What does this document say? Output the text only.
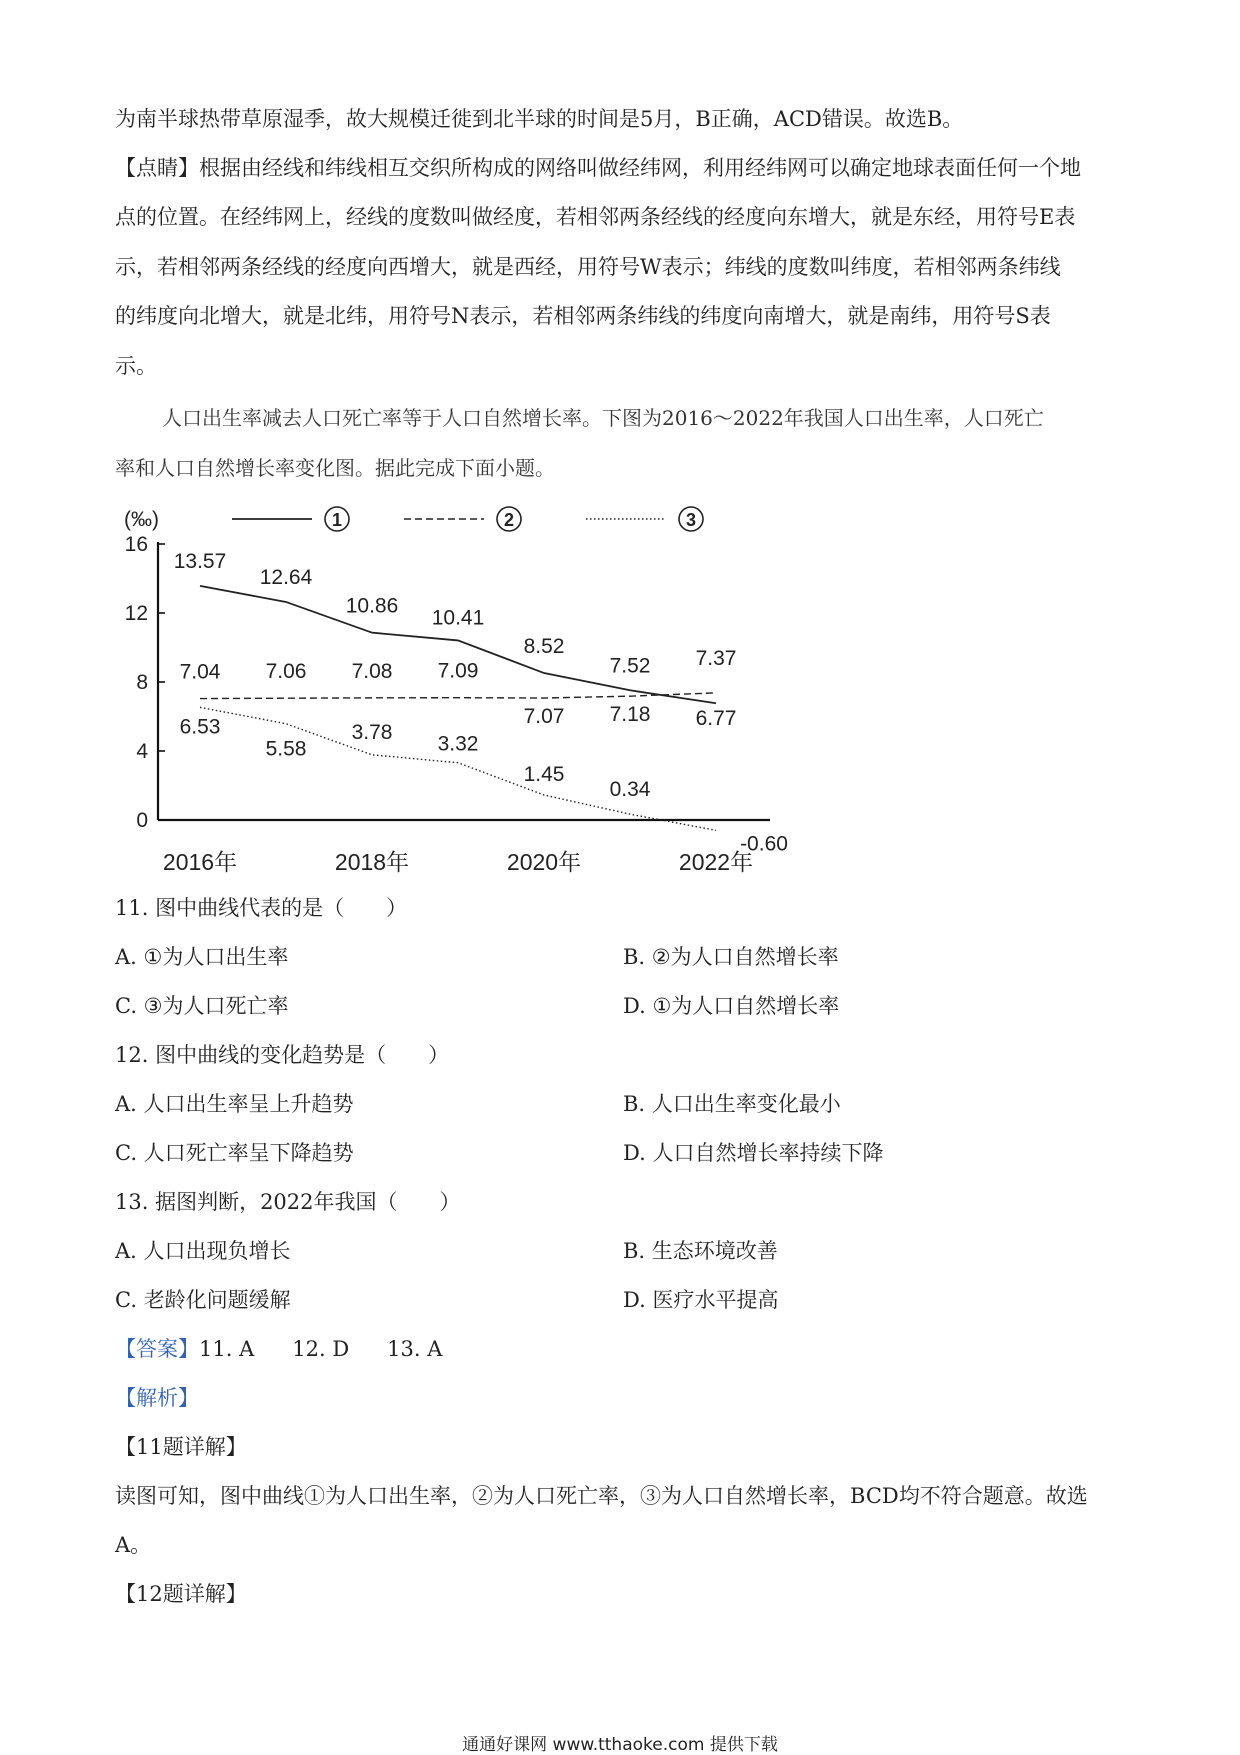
为南半球热带草原湿季，故大规模迁徙到北半球的时间是5月，B正确，ACD错误。故选B。
【点睛】根据由经线和纬线相互交织所构成的网络叫做经纬网，利用经纬网可以确定地球表面任何一个地
点的位置。在经纬网上，经线的度数叫做经度，若相邻两条经线的经度向东增大，就是东经，用符号E表
示，若相邻两条经线的经度向西增大，就是西经，用符号W表示；纬线的度数叫纬度，若相邻两条纬线
的纬度向北增大，就是北纬，用符号N表示，若相邻两条纬线的纬度向南增大，就是南纬，用符号S表
示。
人口出生率减去人口死亡率等于人口自然增长率。下图为2016～2022年我国人口出生率，人口死亡
率和人口自然增长率变化图。据此完成下面小题。
0
4
8
12
16
(‰)
2016年	2018年	2020年	2022年
1	2	3
13.57
12.64
10.86
10.41
8.52
7.52
6.77
7.04 7.06 7.08 7.09
7.07 7.18
7.37
6.53
5.58
3.78
3.32
1.45
0.34
-0.60
11. 图中曲线代表的是（　　）
A. ①为人口出生率	B. ②为人口自然增长率
C. ③为人口死亡率	D. ①为人口自然增长率
12. 图中曲线的变化趋势是（　　）
A. 人口出生率呈上升趋势	B. 人口出生率变化最小
C. 人口死亡率呈下降趋势	D. 人口自然增长率持续下降
13. 据图判断，2022年我国（　　）
A. 人口出现负增长	B. 生态环境改善
C. 老龄化问题缓解	D. 医疗水平提高
【答案】11. A 12. D 13. A
【解析】
【11题详解】
读图可知，图中曲线①为人口出生率，②为人口死亡率，③为人口自然增长率，BCD均不符合题意。故选
A。
【12题详解】
通通好课网 www.tthaoke.com 提供下载
